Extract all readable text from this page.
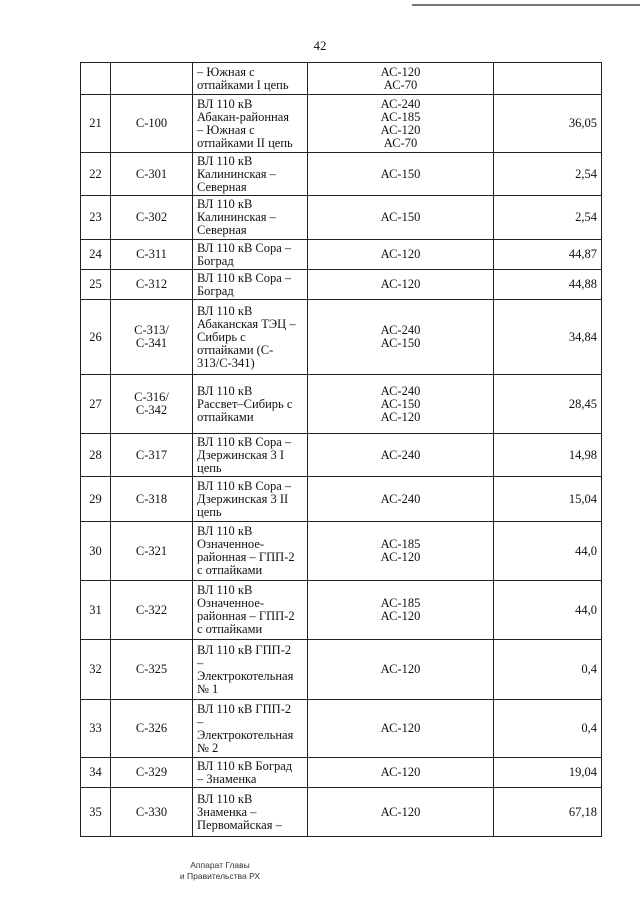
42

		– Южная с
отпайками I цепь	АС-120
АС-70	

21	С-100	ВЛ 110 кВ
Абакан-районная
– Южная с
отпайками II цепь	АС-240
АС-185
АС-120
АС-70	36,05
22	С-301	ВЛ 110 кВ
Калининская –
Северная	АС-150	2,54
23	С-302	ВЛ 110 кВ
Калининская –
Северная	АС-150	2,54
24	С-311	ВЛ 110 кВ Сора –
Боград	АС-120	44,87
25	С-312	ВЛ 110 кВ Сора –
Боград	АС-120	44,88
26	С-313/
С-341	ВЛ 110 кВ
Абаканская ТЭЦ –
Сибирь с
отпайками (С-
313/С-341)	АС-240
АС-150	34,84
27	С-316/
С-342	ВЛ 110 кВ
Рассвет–Сибирь с
отпайками	АС-240
АС-150
АС-120	28,45
28	С-317	ВЛ 110 кВ Сора –
Дзержинская 3 I
цепь	АС-240	14,98
29	С-318	ВЛ 110 кВ Сора –
Дзержинская 3 II
цепь	АС-240	15,04
30	С-321	ВЛ 110 кВ
Означенное-
районная – ГПП-2
с отпайками	АС-185
АС-120	44,0
31	С-322	ВЛ 110 кВ
Означенное-
районная – ГПП-2
с отпайками	АС-185
АС-120	44,0
32	С-325	ВЛ 110 кВ ГПП-2
–
Электрокотельная
№ 1	АС-120	0,4
33	С-326	ВЛ 110 кВ ГПП-2
–
Электрокотельная
№ 2	АС-120	0,4
34	С-329	ВЛ 110 кВ Боград
– Знаменка	АС-120	19,04
35	С-330	ВЛ 110 кВ
Знаменка –
Первомайская –	АС-120	67,18
Аппарат Главы
и Правительства РХ
